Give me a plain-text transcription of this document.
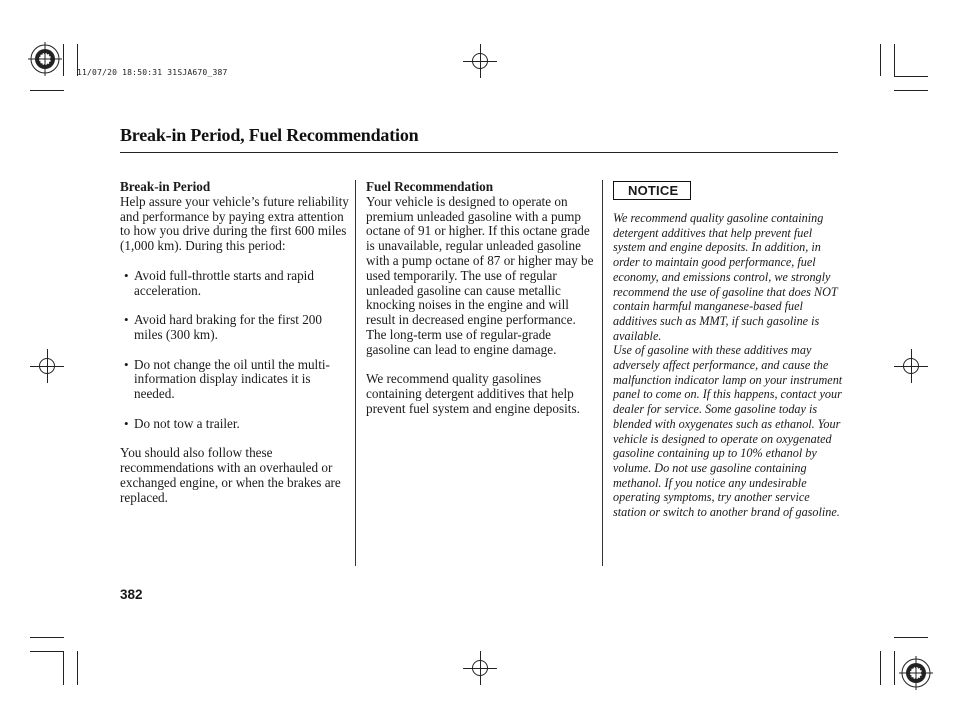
11/07/20 18:50:31 31SJA670_387
Break-in Period, Fuel Recommendation
Break-in Period
Help assure your vehicle’s future reliability and performance by paying extra attention to how you drive during the first 600 miles (1,000 km). During this period:
• Avoid full-throttle starts and rapid acceleration.
• Avoid hard braking for the first 200 miles (300 km).
• Do not change the oil until the multi-information display indicates it is needed.
• Do not tow a trailer.
You should also follow these recommendations with an overhauled or exchanged engine, or when the brakes are replaced.
Fuel Recommendation
Your vehicle is designed to operate on premium unleaded gasoline with a pump octane of 91 or higher. If this octane grade is unavailable, regular unleaded gasoline with a pump octane of 87 or higher may be used temporarily. The use of regular unleaded gasoline can cause metallic knocking noises in the engine and will result in decreased engine performance. The long-term use of regular-grade gasoline can lead to engine damage.
We recommend quality gasolines containing detergent additives that help prevent fuel system and engine deposits.
NOTICE
We recommend quality gasoline containing detergent additives that help prevent fuel system and engine deposits. In addition, in order to maintain good performance, fuel economy, and emissions control, we strongly recommend the use of gasoline that does NOT contain harmful manganese-based fuel additives such as MMT, if such gasoline is available.
Use of gasoline with these additives may adversely affect performance, and cause the malfunction indicator lamp on your instrument panel to come on. If this happens, contact your dealer for service. Some gasoline today is blended with oxygenates such as ethanol. Your vehicle is designed to operate on oxygenated gasoline containing up to 10% ethanol by volume. Do not use gasoline containing methanol. If you notice any undesirable operating symptoms, try another service station or switch to another brand of gasoline.
382
